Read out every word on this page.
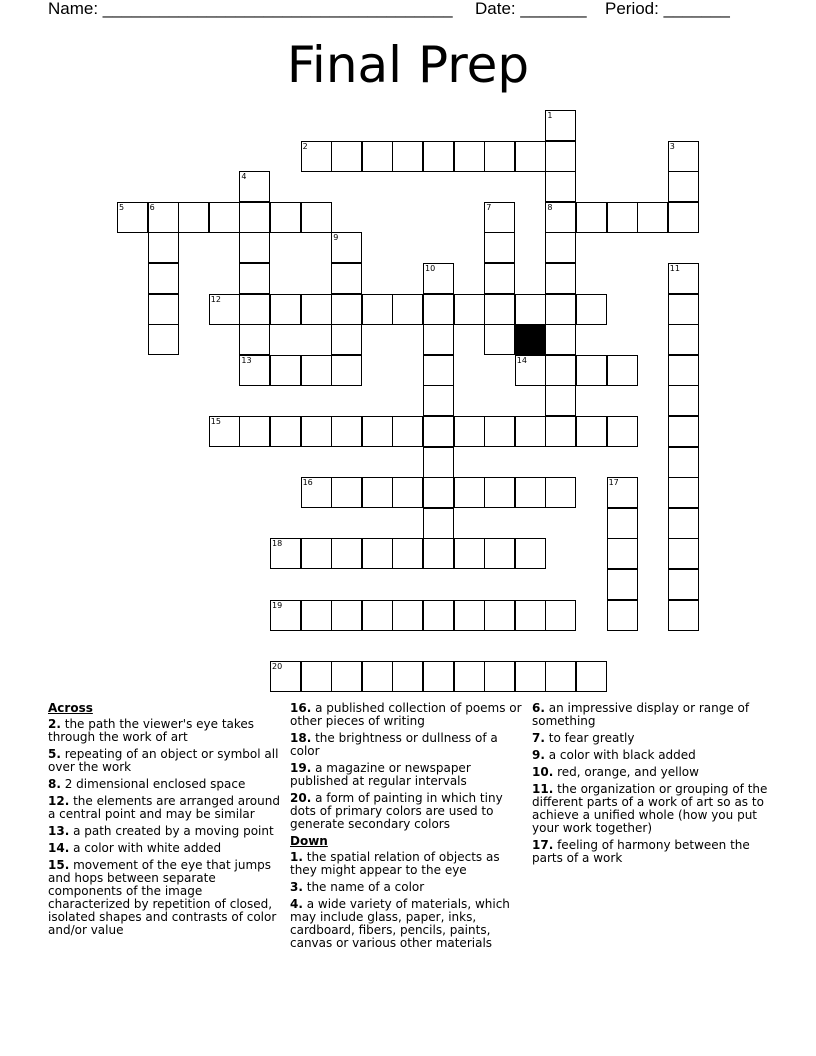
Name: _____________________________________ Date: _______ Period: _______
Final Prep
2
5	6	8
12
13	14
15
16
18
19
20
1
3
4
7
9
10	11
17
Across
2. the path the viewer's eye takes through the work of art
5. repeating of an object or symbol all over the work
8. 2 dimensional enclosed space
12. the elements are arranged around a central point and may be similar
13. a path created by a moving point
14. a color with white added
15. movement of the eye that jumps and hops between separate components of the image characterized by repetition of closed, isolated shapes and contrasts of color and/or value
16. a published collection of poems or other pieces of writing
18. the brightness or dullness of a color
19. a magazine or newspaper published at regular intervals
20. a form of painting in which tiny dots of primary colors are used to generate secondary colors
Down
1. the spatial relation of objects as they might appear to the eye
3. the name of a color
4. a wide variety of materials, which may include glass, paper, inks, cardboard, fibers, pencils, paints, canvas or various other materials
6. an impressive display or range of something
7. to fear greatly
9. a color with black added
10. red, orange, and yellow
11. the organization or grouping of the different parts of a work of art so as to achieve a unified whole (how you put your work together)
17. feeling of harmony between the parts of a work
